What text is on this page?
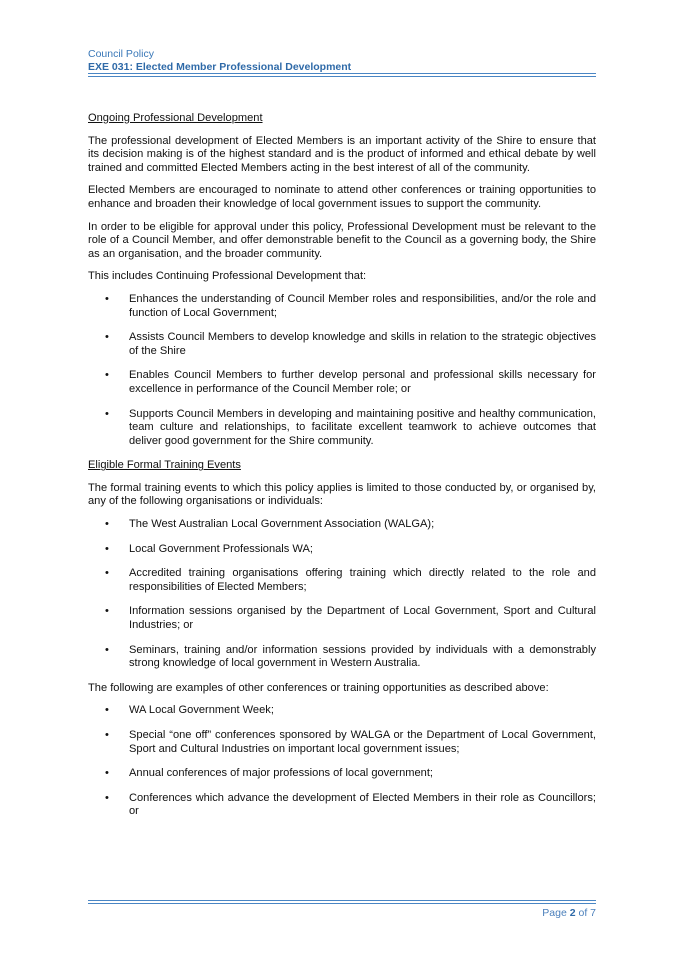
Council Policy
EXE 031: Elected Member Professional Development

Ongoing Professional Development

The professional development of Elected Members is an important activity of the Shire to ensure that its decision making is of the highest standard and is the product of informed and ethical debate by well trained and committed Elected Members acting in the best interest of all of the community.

Elected Members are encouraged to nominate to attend other conferences or training opportunities to enhance and broaden their knowledge of local government issues to support the community.

In order to be eligible for approval under this policy, Professional Development must be relevant to the role of a Council Member, and offer demonstrable benefit to the Council as a governing body, the Shire as an organisation, and the broader community.

This includes Continuing Professional Development that:

• Enhances the understanding of Council Member roles and responsibilities, and/or the role and function of Local Government;
• Assists Council Members to develop knowledge and skills in relation to the strategic objectives of the Shire
• Enables Council Members to further develop personal and professional skills necessary for excellence in performance of the Council Member role; or
• Supports Council Members in developing and maintaining positive and healthy communication, team culture and relationships, to facilitate excellent teamwork to achieve outcomes that deliver good government for the Shire community.

Eligible Formal Training Events

The formal training events to which this policy applies is limited to those conducted by, or organised by, any of the following organisations or individuals:

• The West Australian Local Government Association (WALGA);
• Local Government Professionals WA;
• Accredited training organisations offering training which directly related to the role and responsibilities of Elected Members;
• Information sessions organised by the Department of Local Government, Sport and Cultural Industries; or
• Seminars, training and/or information sessions provided by individuals with a demonstrably strong knowledge of local government in Western Australia.

The following are examples of other conferences or training opportunities as described above:

• WA Local Government Week;
• Special “one off” conferences sponsored by WALGA or the Department of Local Government, Sport and Cultural Industries on important local government issues;
• Annual conferences of major professions of local government;
• Conferences which advance the development of Elected Members in their role as Councillors; or
Page 2 of 7
